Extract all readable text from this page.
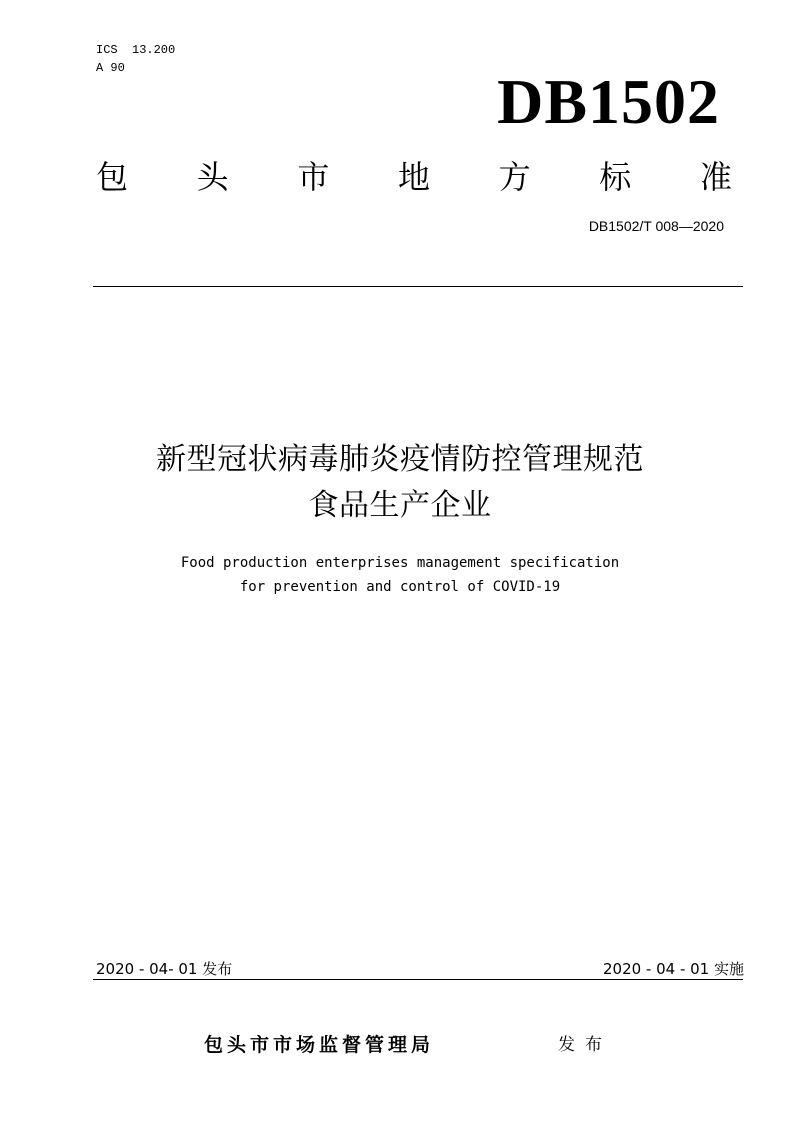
ICS  13.200
A 90	DB1502
包 头 市 地 方 标 准
DB1502/T 008—2020
新型冠状病毒肺炎疫情防控管理规范
食品生产企业
Food production enterprises management specification
for prevention and control of COVID-19
2020 - 04- 01 发布	2020 - 04 - 01 实施
包头市市场监督管理局	发布
